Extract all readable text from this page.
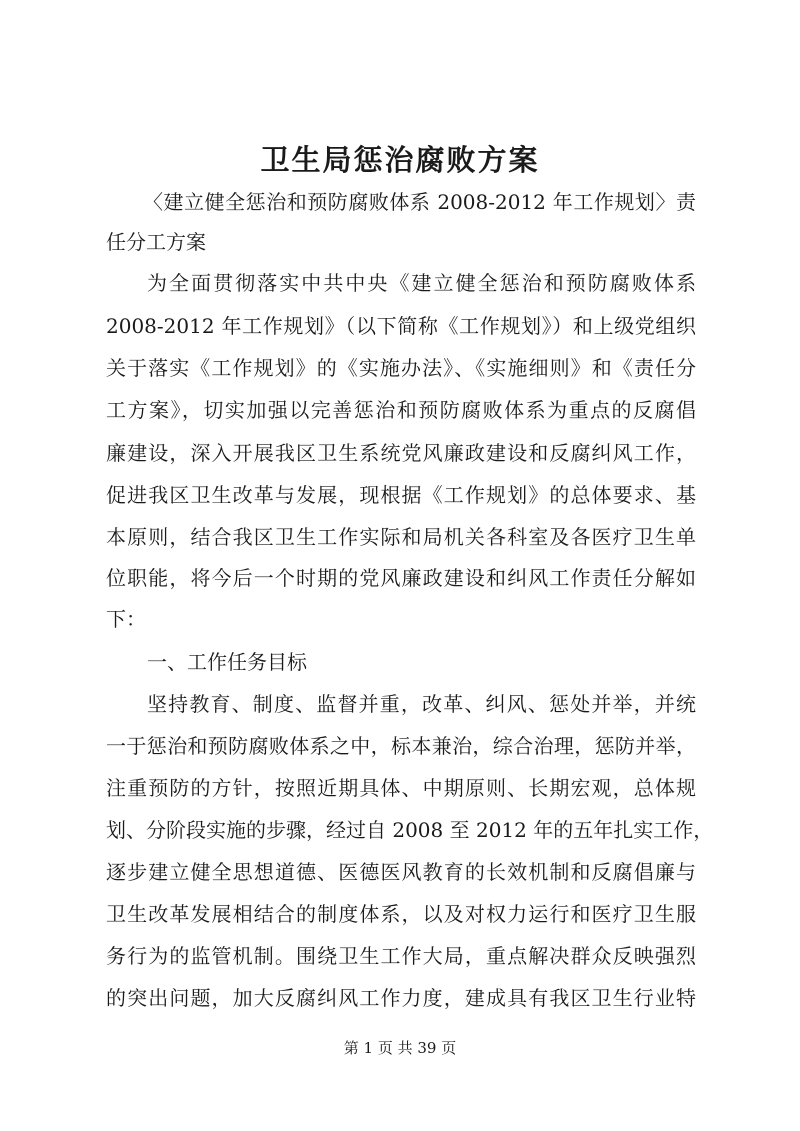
卫生局惩治腐败方案
〈建立健全惩治和预防腐败体系 2008-2012 年工作规划〉责
任分工方案
为全面贯彻落实中共中央《建立健全惩治和预防腐败体系
2008-2012 年工作规划》（以下简称《工作规划》）和上级党组织
关于落实《工作规划》的《实施办法》、《实施细则》和《责任分
工方案》，切实加强以完善惩治和预防腐败体系为重点的反腐倡
廉建设，深入开展我区卫生系统党风廉政建设和反腐纠风工作，
促进我区卫生改革与发展，现根据《工作规划》的总体要求、基
本原则，结合我区卫生工作实际和局机关各科室及各医疗卫生单
位职能，将今后一个时期的党风廉政建设和纠风工作责任分解如
下：
一、工作任务目标
坚持教育、制度、监督并重，改革、纠风、惩处并举，并统
一于惩治和预防腐败体系之中，标本兼治，综合治理，惩防并举，
注重预防的方针，按照近期具体、中期原则、长期宏观，总体规
划、分阶段实施的步骤，经过自 2008 至 2012 年的五年扎实工作，
逐步建立健全思想道德、医德医风教育的长效机制和反腐倡廉与
卫生改革发展相结合的制度体系，以及对权力运行和医疗卫生服
务行为的监管机制。围绕卫生工作大局，重点解决群众反映强烈
的突出问题，加大反腐纠风工作力度，建成具有我区卫生行业特
第 1 页 共 39 页
